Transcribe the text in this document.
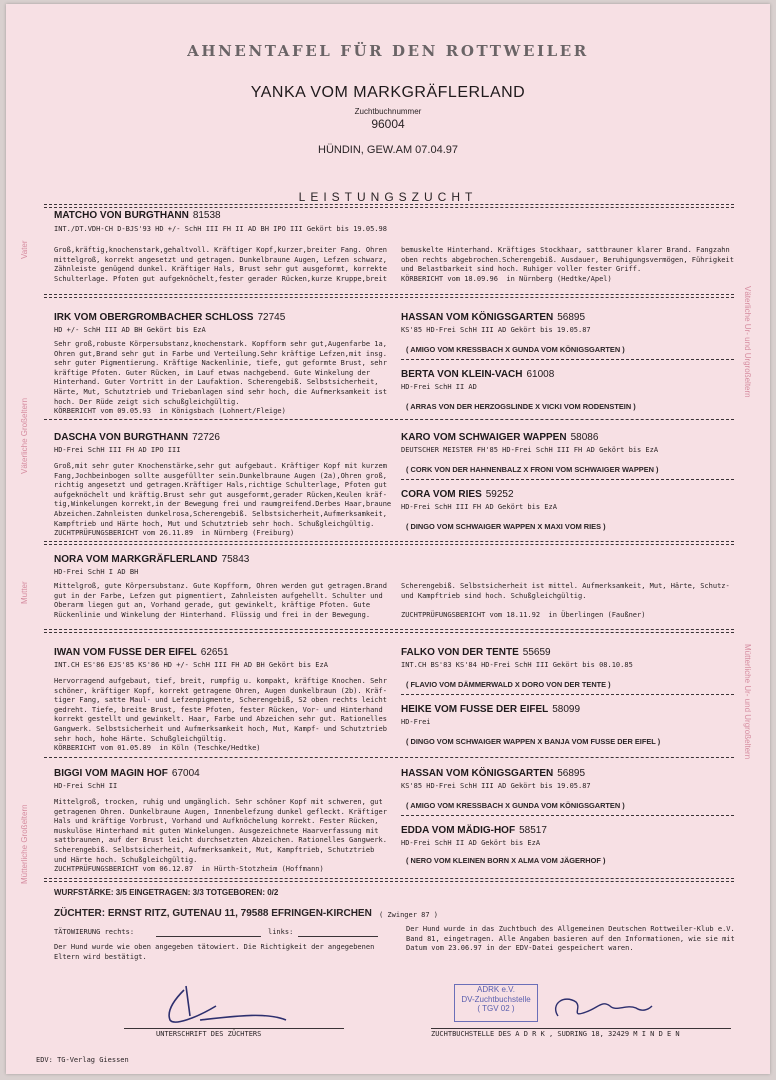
AHNENTAFEL FÜR DEN ROTTWEILER
YANKA VOM MARKGRÄFLERLAND
Zuchtbuchnummer
96004
HÜNDIN, GEW.AM 07.04.97
LEISTUNGSZUCHT
Vater
Väterliche Großeltern
Mutter
Mütterliche Großeltern
Väterliche Ur- und Urgroßeltern
Mütterliche Ur- und Urgroßeltern
MATCHO VON BURGTHANN 81538
INT./DT.VDH-CH D-BJS'93 HD +/- SchH III FH II AD BH IPO III Gekört bis 19.05.98
Groß,kräftig,knochenstark,gehaltvoll. Kräftiger Kopf,kurzer,breiter Fang. Ohren
mittelgroß, korrekt angesetzt und getragen. Dunkelbraune Augen, Lefzen schwarz,
Zähnleiste genügend dunkel. Kräftiger Hals, Brust sehr gut ausgeformt, korrekte
Schulterlage. Pfoten gut aufgeknöchelt,fester gerader Rücken,kurze Kruppe,breit
bemuskelte Hinterhand. Kräftiges Stockhaar, sattbrauner klarer Brand. Fangzahn
oben rechts abgebrochen.Scherengebiß. Ausdauer, Beruhigungsvermögen, Führigkeit
und Belastbarkeit sind hoch. Ruhiger voller fester Griff.
KÖRBERICHT vom 18.09.96  in Nürnberg (Hedtke/Apel)
IRK VOM OBERGROMBACHER SCHLOSS 72745
HD +/- SchH III AD BH Gekört bis EzA
Sehr groß,robuste Körpersubstanz,knochenstark. Kopfform sehr gut,Augenfarbe 1a,
Ohren gut,Brand sehr gut in Farbe und Verteilung.Sehr kräftige Lefzen,mit insg.
sehr guter Pigmentierung. Kräftige Nackenlinie, tiefe, gut geformte Brust, sehr
kräftige Pfoten. Guter Rücken, im Lauf etwas nachgebend. Gute Winkelung der
Hinterhand. Guter Vortritt in der Laufaktion. Scherengebiß. Selbstsicherheit,
Härte, Mut, Schutztrieb und Triebanlagen sind sehr hoch, die Aufmerksamkeit ist
hoch. Der Rüde zeigt sich schußgleichgültig.
KÖRBERICHT vom 09.05.93  in Königsbach (Lohnert/Fleige)
HASSAN VOM KÖNIGSGARTEN 56895
KS'85 HD-Frei SchH III AD Gekört bis 19.05.87
( AMIGO VOM KRESSBACH X GUNDA VOM KÖNIGSGARTEN )
BERTA VON KLEIN-VACH 61008
HD-Frei SchH II AD
( ARRAS VON DER HERZOGSLINDE X VICKI VOM RODENSTEIN )
DASCHA VON BURGTHANN 72726
HD-Frei SchH III FH AD IPO III
Groß,mit sehr guter Knochenstärke,sehr gut aufgebaut. Kräftiger Kopf mit kurzem
Fang,Jochbeinbogen sollte ausgefüllter sein.Dunkelbraune Augen (2a),Ohren groß,
richtig angesetzt und getragen.Kräftiger Hals,richtige Schulterlage, Pfoten gut
aufgeknöchelt und kräftig.Brust sehr gut ausgeformt,gerader Rücken,Keulen kräf-
tig,Winkelungen korrekt,in der Bewegung frei und raumgreifend.Derbes Haar,braune
Abzeichen.Zahnleisten dunkelrosa,Scherengebiß. Selbstsicherheit,Aufmerksamkeit,
Kampftrieb und Härte hoch, Mut und Schutztrieb sehr hoch. Schußgleichgültig.
ZUCHTPRÜFUNGSBERICHT vom 26.11.89  in Nürnberg (Freiburg)
KARO VOM SCHWAIGER WAPPEN 58086
DEUTSCHER MEISTER FH'85 HD-Frei SchH III FH AD Gekört bis EzA
( CORK VON DER HAHNENBALZ X FRONI VOM SCHWAIGER WAPPEN )
CORA VOM RIES 59252
HD-Frei SchH III FH AD Gekört bis EzA
( DINGO VOM SCHWAIGER WAPPEN X MAXI VOM RIES )
NORA VOM MARKGRÄFLERLAND 75843
HD-Frei SchH I AD BH
Mittelgroß, gute Körpersubstanz. Gute Kopfform, Ohren werden gut getragen.Brand
gut in der Farbe, Lefzen gut pigmentiert, Zahnleisten aufgehellt. Schulter und
Oberarm liegen gut an, Vorhand gerade, gut gewinkelt, kräftige Pfoten. Gute
Rückenlinie und Winkelung der Hinterhand. Flüssig und frei in der Bewegung.
Scherengebiß. Selbstsicherheit ist mittel. Aufmerksamkeit, Mut, Härte, Schutz-
und Kampftrieb sind hoch. Schußgleichgültig.

ZUCHTPRÜFUNGSBERICHT vom 18.11.92  in Überlingen (Faußner)
IWAN VOM FUSSE DER EIFEL 62651
INT.CH ES'86 EJS'85 KS'86 HD +/- SchH III FH AD BH Gekört bis EzA
Hervorragend aufgebaut, tief, breit, rumpfig u. kompakt, kräftige Knochen. Sehr
schöner, kräftiger Kopf, korrekt getragene Ohren, Augen dunkelbraun (2b). Kräf-
tiger Fang, satte Maul- und Lefzenpigmente, Scherengebiß, S2 oben rechts leicht
gedreht. Tiefe, breite Brust, feste Pfoten, fester Rücken, Vor- und Hinterhand
korrekt gestellt und gewinkelt. Haar, Farbe und Abzeichen sehr gut. Rationelles
Gangwerk. Selbstsicherheit und Aufmerksamkeit hoch, Mut, Kampf- und Schutztrieb
sehr hoch, hohe Härte. Schußgleichgültig.
KÖRBERICHT vom 01.05.89  in Köln (Teschke/Hedtke)
FALKO VON DER TENTE 55659
INT.CH BS'83 KS'84 HD-Frei SchH III Gekört bis 08.10.85
( FLAVIO VOM DÄMMERWALD X DORO VON DER TENTE )
HEIKE VOM FUSSE DER EIFEL 58099
HD-Frei
( DINGO VOM SCHWAIGER WAPPEN X BANJA VOM FUSSE DER EIFEL )
BIGGI VOM MAGIN HOF 67004
HD-Frei SchH II
Mittelgroß, trocken, ruhig und umgänglich. Sehr schöner Kopf mit schweren, gut
getragenen Ohren. Dunkelbraune Augen, Innenbelefzung dunkel gefleckt. Kräftiger
Hals und kräftige Vorbrust, Vorhand und Aufknöchelung korrekt. Fester Rücken,
muskulöse Hinterhand mit guten Winkelungen. Ausgezeichnete Haarverfassung mit
sattbraunen, auf der Brust leicht durchsetzten Abzeichen. Rationelles Gangwerk.
Scherengebiß. Selbstsicherheit, Aufmerksamkeit, Mut, Kampftrieb, Schutztrieb
und Härte hoch. Schußgleichgültig.
ZUCHTPRÜFUNGSBERICHT vom 06.12.87  in Hürth-Stotzheim (Hoffmann)
HASSAN VOM KÖNIGSGARTEN 56895
KS'85 HD-Frei SchH III AD Gekört bis 19.05.87
( AMIGO VOM KRESSBACH X GUNDA VOM KÖNIGSGARTEN )
EDDA VOM MÄDIG-HOF 58517
HD-Frei SchH II AD Gekört bis EzA
( NERO VOM KLEINEN BORN X ALMA VOM JÄGERHOF )
WURFSTÄRKE: 3/5 EINGETRAGEN: 3/3 TOTGEBOREN: 0/2
ZÜCHTER: ERNST RITZ, GUTENAU 11, 79588 EFRINGEN-KIRCHEN ( Zwinger 87 )
TÄTOWIERUNG rechts:	links:
Der Hund wurde wie oben angegeben tätowiert. Die Richtigkeit der angegebenen
Eltern wird bestätigt.
Der Hund wurde in das Zuchtbuch des Allgemeinen Deutschen Rottweiler-Klub e.V.
Band 81, eingetragen. Alle Angaben basieren auf den Informationen, wie sie mit
Datum vom 23.06.97 in der EDV-Datei gespeichert waren.
UNTERSCHRIFT DES ZÜCHTERS
ADRK e.V.
DV-Zuchtbuchstelle
( TGV 02 )
ZUCHTBUCHSTELLE DES A D R K , SUDRING 18, 32429 M I N D E N
EDV: TG-Verlag Giessen
